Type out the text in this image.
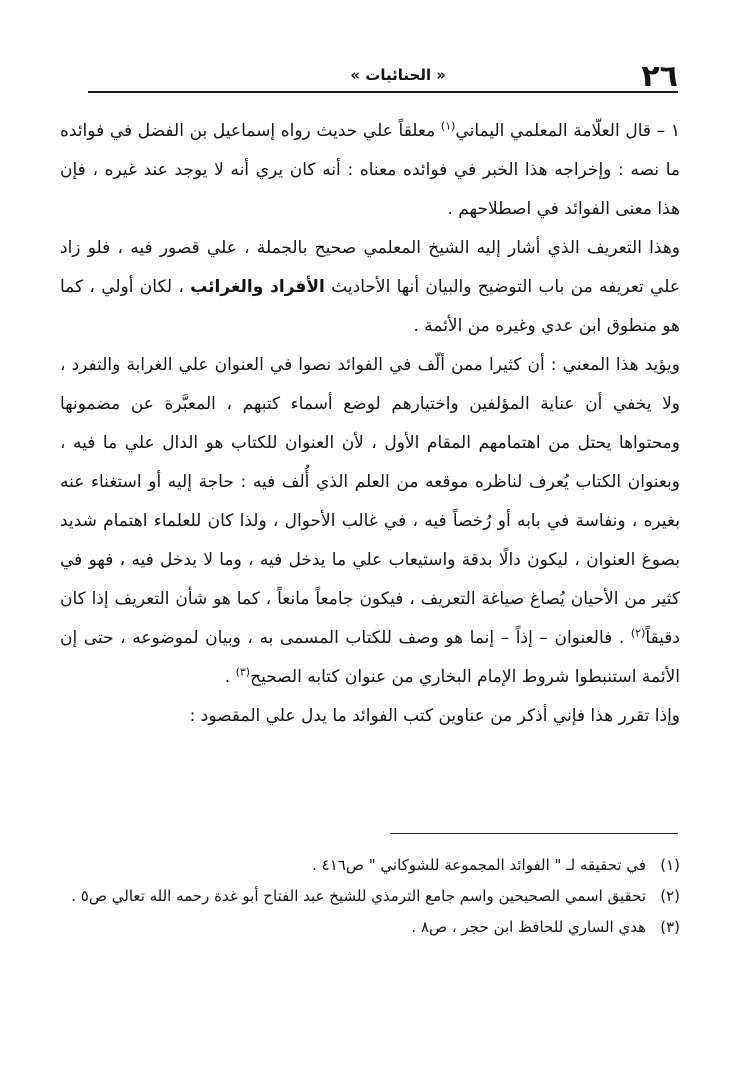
٢٦
« الحنائيات »

١ – قال العلّامة المعلمي اليماني$^{(١)}$ معلقاً علي حديث رواه إسماعيل بن الفضل في فوائده ما نصه : وإخراجه هذا الخبر في فوائده معناه : أنه كان يري أنه لا يوجد عند غيره ، فإن هذا معنى الفوائد في اصطلاحهم .

وهذا التعريف الذي أشار إليه الشيخ المعلمي صحيح بالجملة ، علي قصور فيه ، فلو زاد علي تعريفه من باب التوضيح والبيان أنها الأحاديث الأفراد والغرائب ، لكان أولي ، كما هو منطوق ابن عدي وغيره من الأئمة .

ويؤيد هذا المعني : أن كثيرا ممن ألّف في الفوائد نصوا في العنوان علي الغرابة والتفرد ، ولا يخفي أن عناية المؤلفين واختيارهم لوضع أسماء كتبهم ، المعبَّرة عن مضمونها ومحتواها يحتل من اهتمامهم المقام الأول ، لأن العنوان للكتاب هو الدال علي ما فيه ، وبعنوان الكتاب يُعرف لناظره موقعه من العلم الذي أُلف فيه : حاجة إليه أو استغناء عنه بغيره ، ونفاسة في بابه أو رُخصاً فيه ، في غالب الأحوال ، ولذا كان للعلماء اهتمام شديد بصوغ العنوان ، ليكون دالًا بدقة واستيعاب علي ما يدخل فيه ، وما لا يدخل فيه ، فهو في كثير من الأحيان يُصاغ صياغة التعريف ، فيكون جامعاً مانعاً ، كما هو شأن التعريف إذا كان دقيقاً$^{(٢)}$ . فالعنوان – إذاً – إنما هو وصف للكتاب المسمى به ، وبيان لموضوعه ، حتى إن الأئمة استنبطوا شروط الإمام البخاري من عنوان كتابه الصحيح$^{(٣)}$ .

وإذا تقرر هذا فإني أذكر من عناوين كتب الفوائد ما يدل علي المقصود :

(١)
في تحقيقه لـ " الفوائد المجموعة للشوكاني " ص٤١٦ .
(٢)
تحقيق اسمي الصحيحين واسم جامع الترمذي للشيخ عبد الفتاح أبو غدة رحمه الله تعالي ص٥ .
(٣)
هدي الساري للحافظ ابن حجر ، ص٨ .
